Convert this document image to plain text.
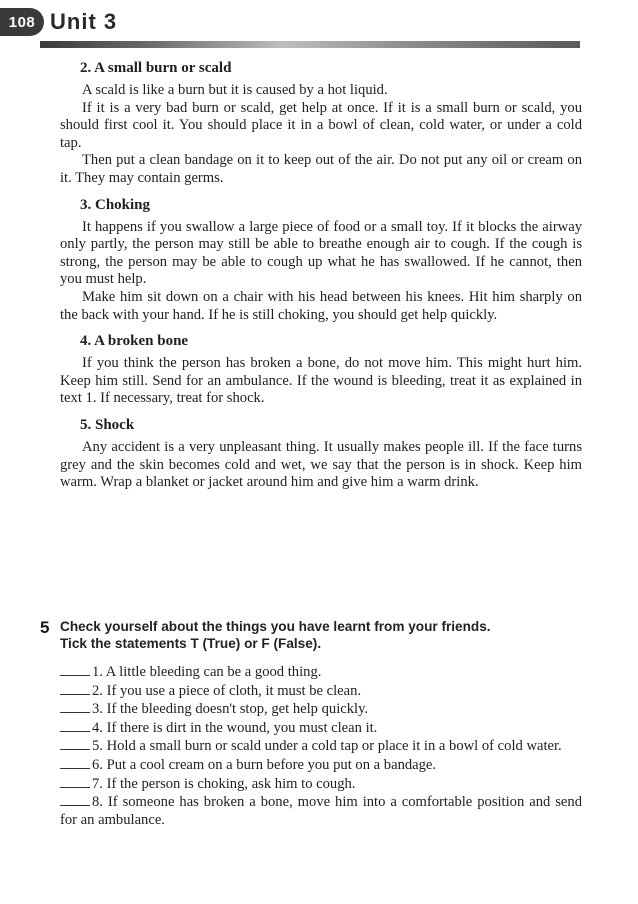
108 Unit 3
2. A small burn or scald

A scald is like a burn but it is caused by a hot liquid.

If it is a very bad burn or scald, get help at once. If it is a small burn or scald, you should first cool it. You should place it in a bowl of clean, cold water, or under a cold tap.

Then put a clean bandage on it to keep out of the air. Do not put any oil or cream on it. They may contain germs.

3. Choking

It happens if you swallow a large piece of food or a small toy. If it blocks the airway only partly, the person may still be able to breathe enough air to cough. If the cough is strong, the person may be able to cough up what he has swallowed. If he cannot, then you must help.

Make him sit down on a chair with his head between his knees. Hit him sharply on the back with your hand. If he is still choking, you should get help quickly.

4. A broken bone

If you think the person has broken a bone, do not move him. This might hurt him. Keep him still. Send for an ambulance. If the wound is bleeding, treat it as explained in text 1. If necessary, treat for shock.

5. Shock

Any accident is a very unpleasant thing. It usually makes people ill. If the face turns grey and the skin becomes cold and wet, we say that the person is in shock. Keep him warm. Wrap a blanket or jacket around him and give him a warm drink.

5 Check yourself about the things you have learnt from your friends.
Tick the statements T (True) or F (False).
1. A little bleeding can be a good thing.
2. If you use a piece of cloth, it must be clean.
3. If the bleeding doesn't stop, get help quickly.
4. If there is dirt in the wound, you must clean it.
5. Hold a small burn or scald under a cold tap or place it in a bowl of cold water.
6. Put a cool cream on a burn before you put on a bandage.
7. If the person is choking, ask him to cough.
8. If someone has broken a bone, move him into a comfortable position and send for an ambulance.
